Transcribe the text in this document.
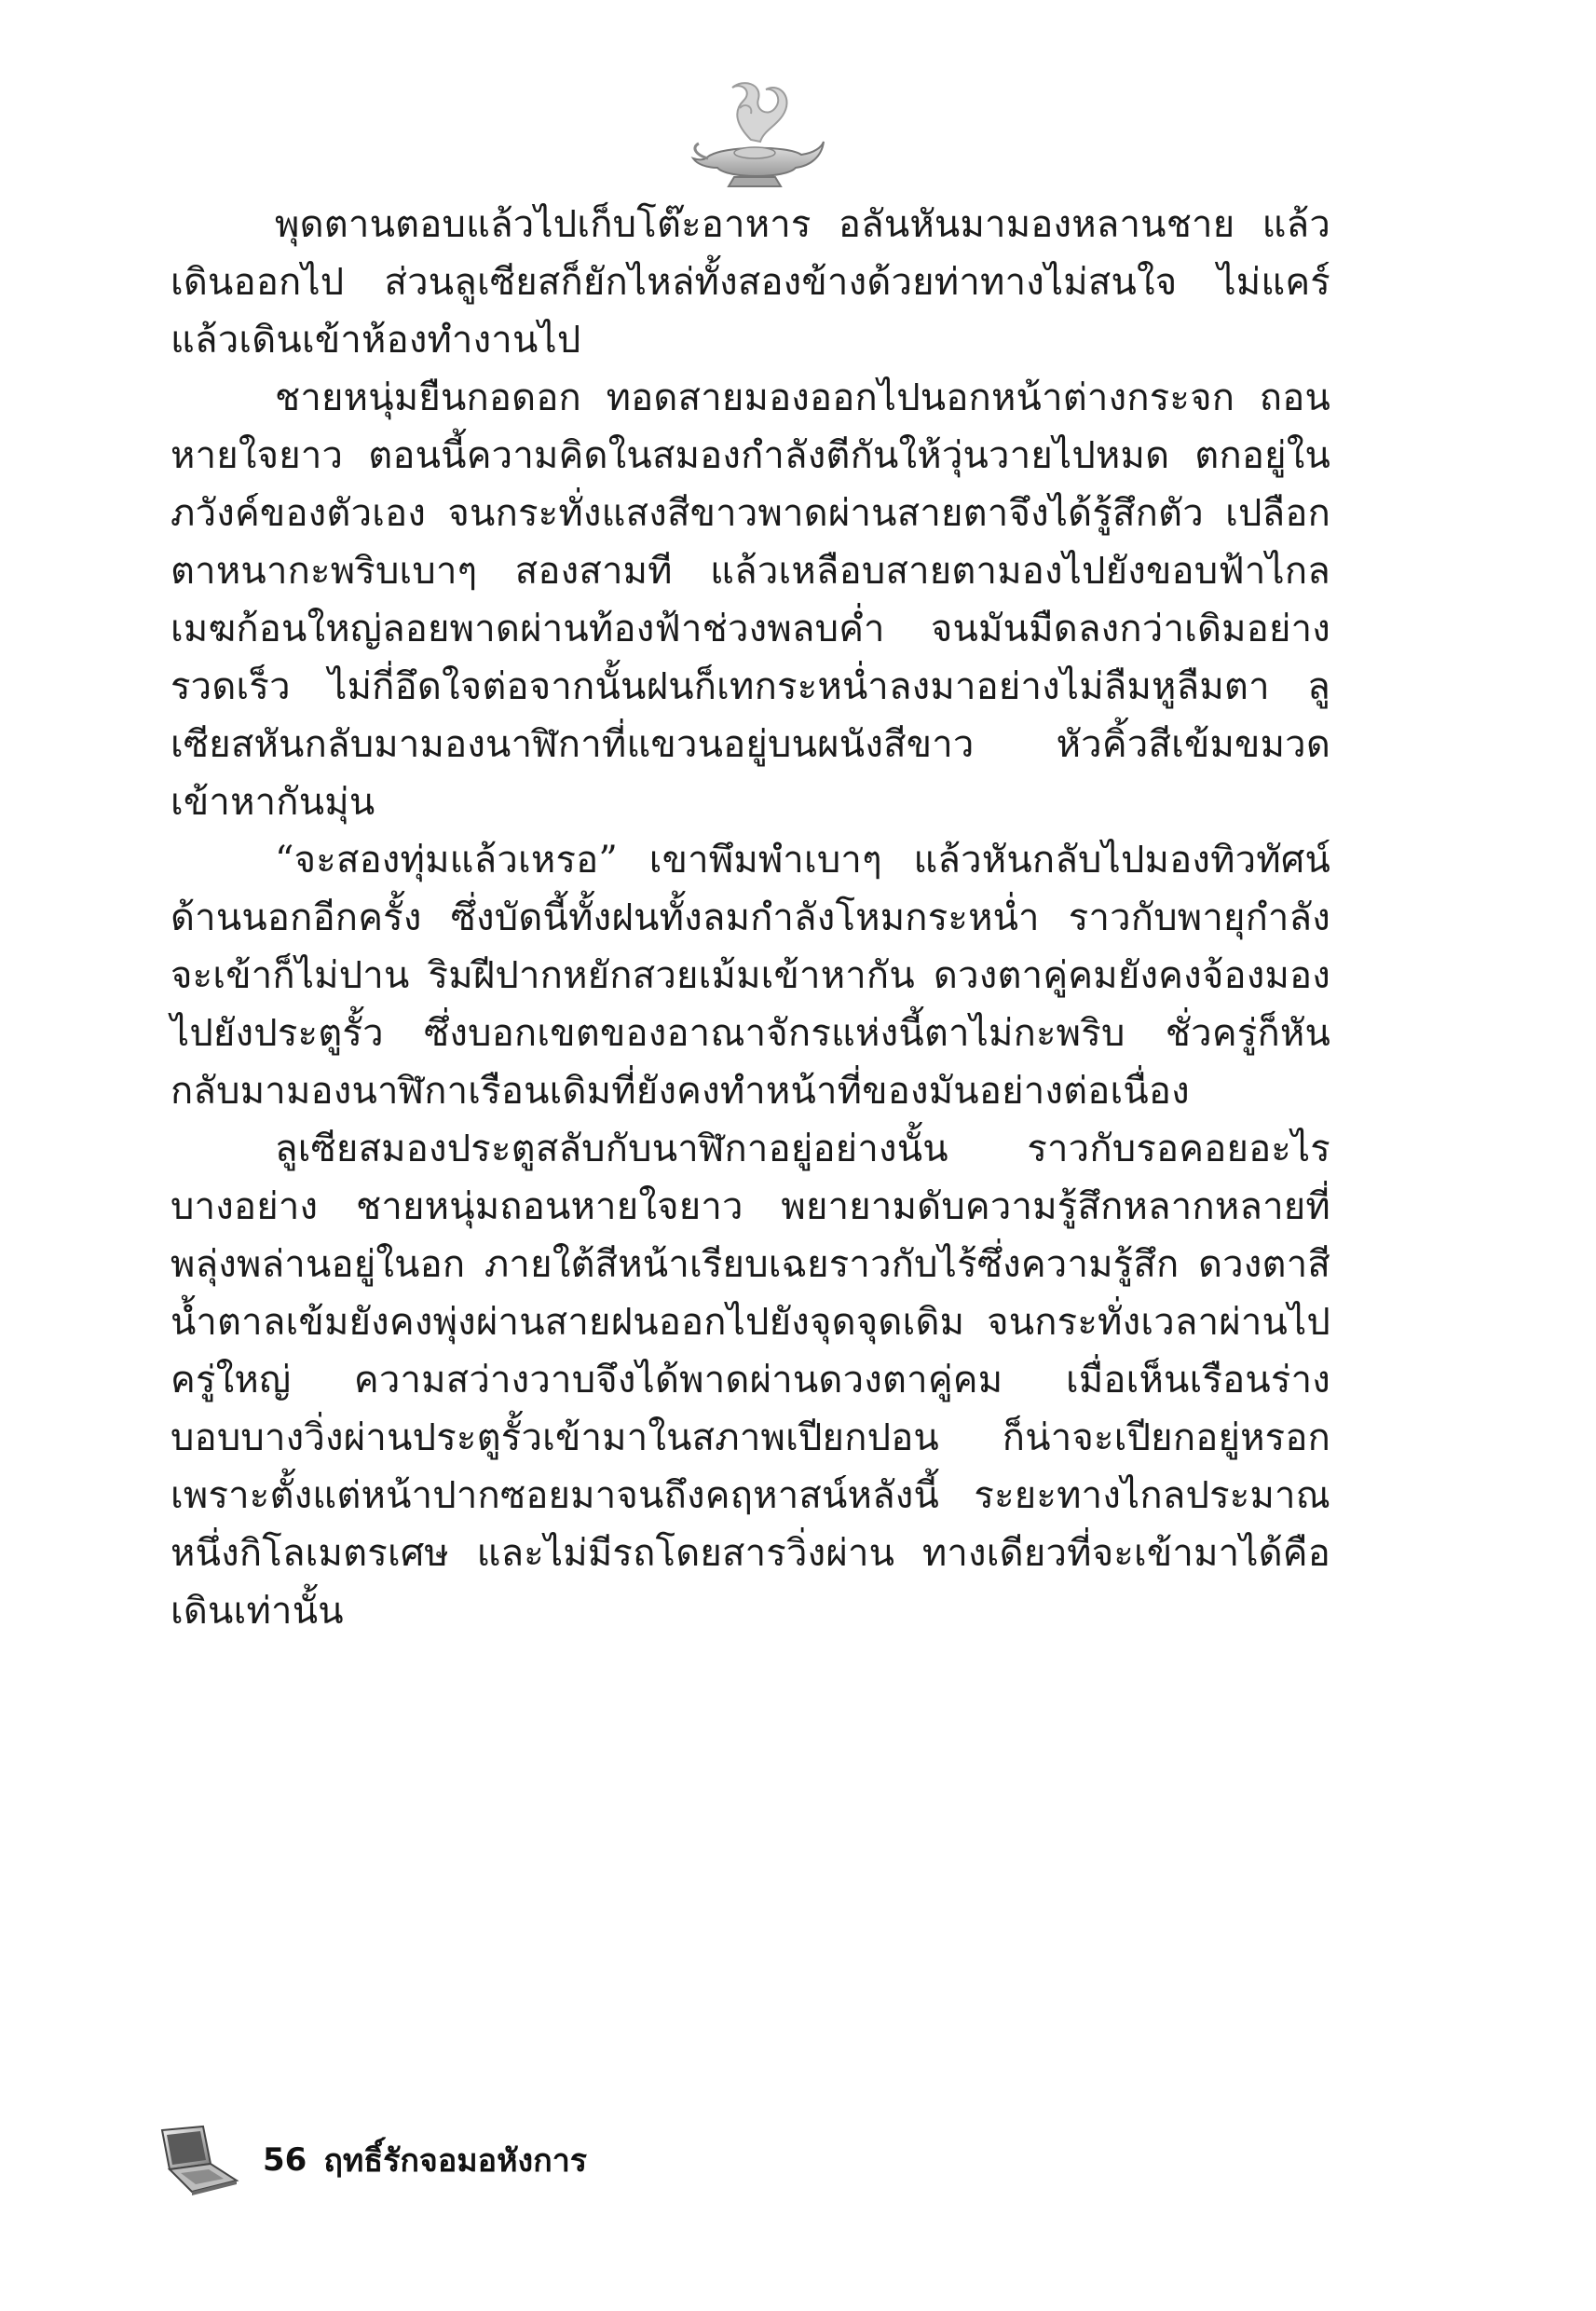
พุดตานตอบแล้วไปเก็บโต๊ะอาหาร อลันหันมามองหลานชาย แล้วเดินออกไป ส่วนลูเซียสก็ยักไหล่ทั้งสองข้างด้วยท่าทางไม่สนใจ ไม่แคร์ แล้วเดินเข้าห้องทำงานไป

ชายหนุ่มยืนกอดอก ทอดสายมองออกไปนอกหน้าต่างกระจก ถอนหายใจยาว ตอนนี้ความคิดในสมองกำลังตีกันให้วุ่นวายไปหมด ตกอยู่ในภวังค์ของตัวเอง จนกระทั่งแสงสีขาวพาดผ่านสายตาจึงได้รู้สึกตัว เปลือกตาหนากะพริบเบาๆ สองสามที แล้วเหลือบสายตามองไปยังขอบฟ้าไกล เมฆก้อนใหญ่ลอยพาดผ่านท้องฟ้าช่วงพลบค่ำ จนมันมืดลงกว่าเดิมอย่างรวดเร็ว ไม่กี่อึดใจต่อจากนั้นฝนก็เทกระหน่ำลงมาอย่างไม่ลืมหูลืมตา ลูเซียสหันกลับมามองนาฬิกาที่แขวนอยู่บนผนังสีขาว หัวคิ้วสีเข้มขมวดเข้าหากันมุ่น

“จะสองทุ่มแล้วเหรอ” เขาพึมพำเบาๆ แล้วหันกลับไปมองทิวทัศน์ด้านนอกอีกครั้ง ซึ่งบัดนี้ทั้งฝนทั้งลมกำลังโหมกระหน่ำ ราวกับพายุกำลังจะเข้าก็ไม่ปาน ริมฝีปากหยักสวยเม้มเข้าหากัน ดวงตาคู่คมยังคงจ้องมองไปยังประตูรั้ว ซึ่งบอกเขตของอาณาจักรแห่งนี้ตาไม่กะพริบ ชั่วครู่ก็หันกลับมามองนาฬิกาเรือนเดิมที่ยังคงทำหน้าที่ของมันอย่างต่อเนื่อง

ลูเซียสมองประตูสลับกับนาฬิกาอยู่อย่างนั้น ราวกับรอคอยอะไรบางอย่าง ชายหนุ่มถอนหายใจยาว พยายามดับความรู้สึกหลากหลายที่พลุ่งพล่านอยู่ในอก ภายใต้สีหน้าเรียบเฉยราวกับไร้ซึ่งความรู้สึก ดวงตาสีน้ำตาลเข้มยังคงพุ่งผ่านสายฝนออกไปยังจุดจุดเดิม จนกระทั่งเวลาผ่านไปครู่ใหญ่ ความสว่างวาบจึงได้พาดผ่านดวงตาคู่คม เมื่อเห็นเรือนร่างบอบบางวิ่งผ่านประตูรั้วเข้ามาในสภาพเปียกปอน ก็น่าจะเปียกอยู่หรอก เพราะตั้งแต่หน้าปากซอยมาจนถึงคฤหาสน์หลังนี้ ระยะทางไกลประมาณหนึ่งกิโลเมตรเศษ และไม่มีรถโดยสารวิ่งผ่าน ทางเดียวที่จะเข้ามาได้คือเดินเท่านั้น

56 ฤทธิ์รักจอมอหังการ
